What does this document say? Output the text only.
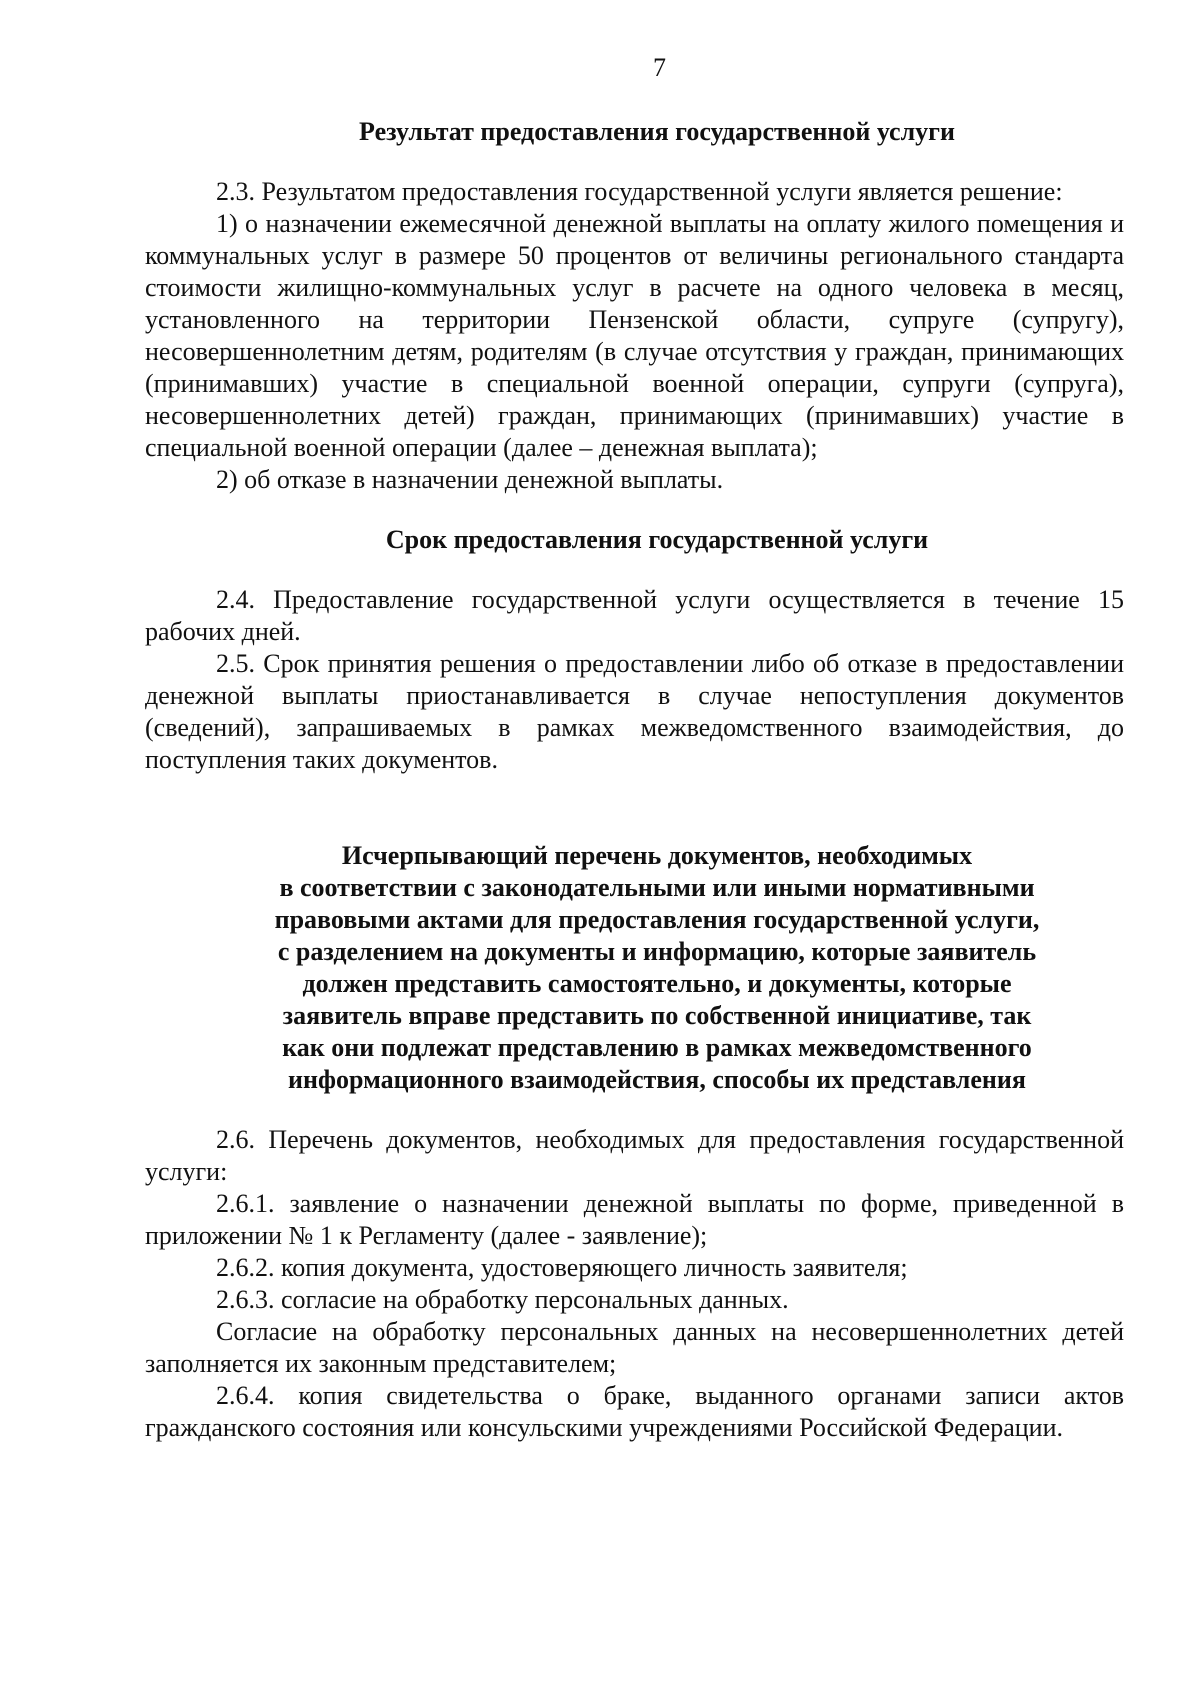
7
Результат предоставления государственной услуги

2.3. Результатом предоставления государственной услуги является решение:

1) о назначении ежемесячной денежной выплаты на оплату жилого помещения и коммунальных услуг в размере 50 процентов от величины регионального стандарта стоимости жилищно-коммунальных услуг в расчете на одного человека в месяц, установленного на территории Пензенской области, супруге (супругу), несовершеннолетним детям, родителям (в случае отсутствия у граждан, принимающих (принимавших) участие в специальной военной операции, супруги (супруга), несовершеннолетних детей) граждан, принимающих (принимавших) участие в специальной военной операции (далее – денежная выплата);

2) об отказе в назначении денежной выплаты.

Срок предоставления государственной услуги

2.4. Предоставление государственной услуги осуществляется в течение 15 рабочих дней.

2.5. Срок принятия решения о предоставлении либо об отказе в предоставлении денежной выплаты приостанавливается в случае непоступления документов (сведений), запрашиваемых в рамках межведомственного взаимодействия, до поступления таких документов.

Исчерпывающий перечень документов, необходимых
в соответствии с законодательными или иными нормативными
правовыми актами для предоставления государственной услуги,
с разделением на документы и информацию, которые заявитель
должен представить самостоятельно, и документы, которые
заявитель вправе представить по собственной инициативе, так
как они подлежат представлению в рамках межведомственного
информационного взаимодействия, способы их представления

2.6. Перечень документов, необходимых для предоставления государственной услуги:

2.6.1. заявление о назначении денежной выплаты по форме, приведенной в приложении № 1 к Регламенту (далее - заявление);

2.6.2. копия документа, удостоверяющего личность заявителя;

2.6.3. согласие на обработку персональных данных.

Согласие на обработку персональных данных на несовершеннолетних детей заполняется их законным представителем;

2.6.4. копия свидетельства о браке, выданного органами записи актов гражданского состояния или консульскими учреждениями Российской Федерации.
